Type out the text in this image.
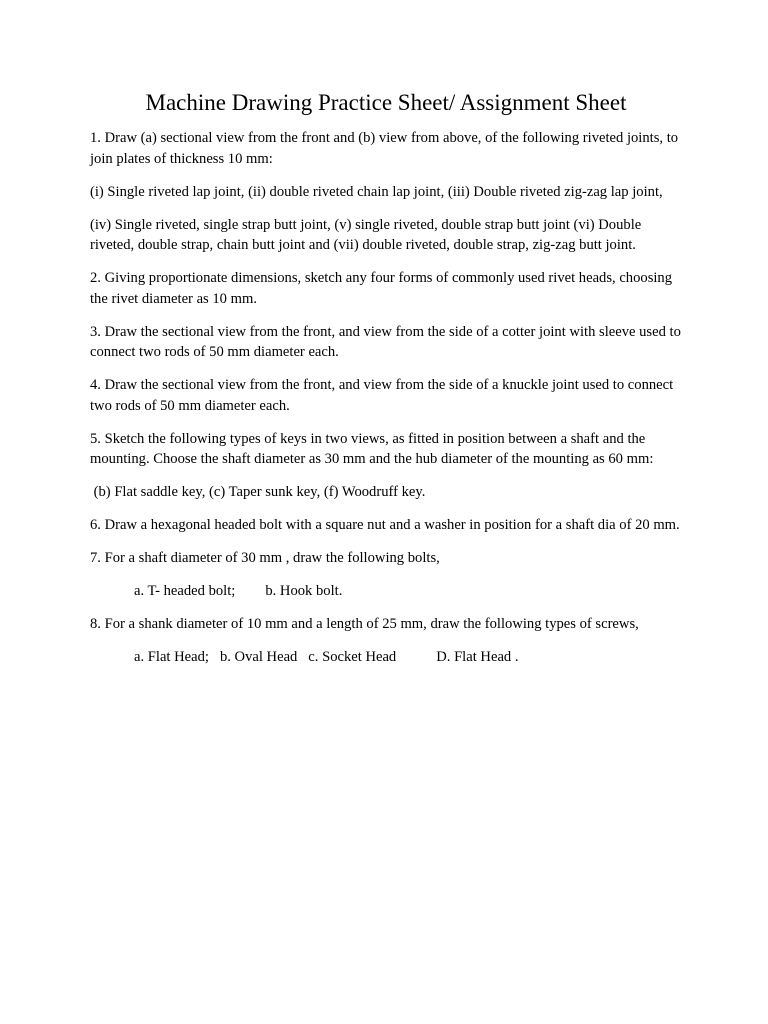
Machine Drawing Practice Sheet/ Assignment Sheet

1. Draw (a) sectional view from the front and (b) view from above, of the following riveted joints, to join plates of thickness 10 mm:

(i) Single riveted lap joint, (ii) double riveted chain lap joint, (iii) Double riveted zig-zag lap joint,

(iv) Single riveted, single strap butt joint, (v) single riveted, double strap butt joint (vi) Double riveted, double strap, chain butt joint and (vii) double riveted, double strap, zig-zag butt joint.

2. Giving proportionate dimensions, sketch any four forms of commonly used rivet heads, choosing the rivet diameter as 10 mm.

3. Draw the sectional view from the front, and view from the side of a cotter joint with sleeve used to connect two rods of 50 mm diameter each.

4. Draw the sectional view from the front, and view from the side of a knuckle joint used to connect two rods of 50 mm diameter each.

5. Sketch the following types of keys in two views, as fitted in position between a shaft and the mounting. Choose the shaft diameter as 30 mm and the hub diameter of the mounting as 60 mm:

(b) Flat saddle key, (c) Taper sunk key, (f) Woodruff key.

6. Draw a hexagonal headed bolt with a square nut and a washer in position for a shaft dia of 20 mm.

7. For a shaft diameter of 30 mm , draw the following bolts,

a. T- headed bolt; b. Hook bolt.

8. For a shank diameter of 10 mm and a length of 25 mm, draw the following types of screws,

a. Flat Head; b. Oval Head c. Socket Head	D. Flat Head .
